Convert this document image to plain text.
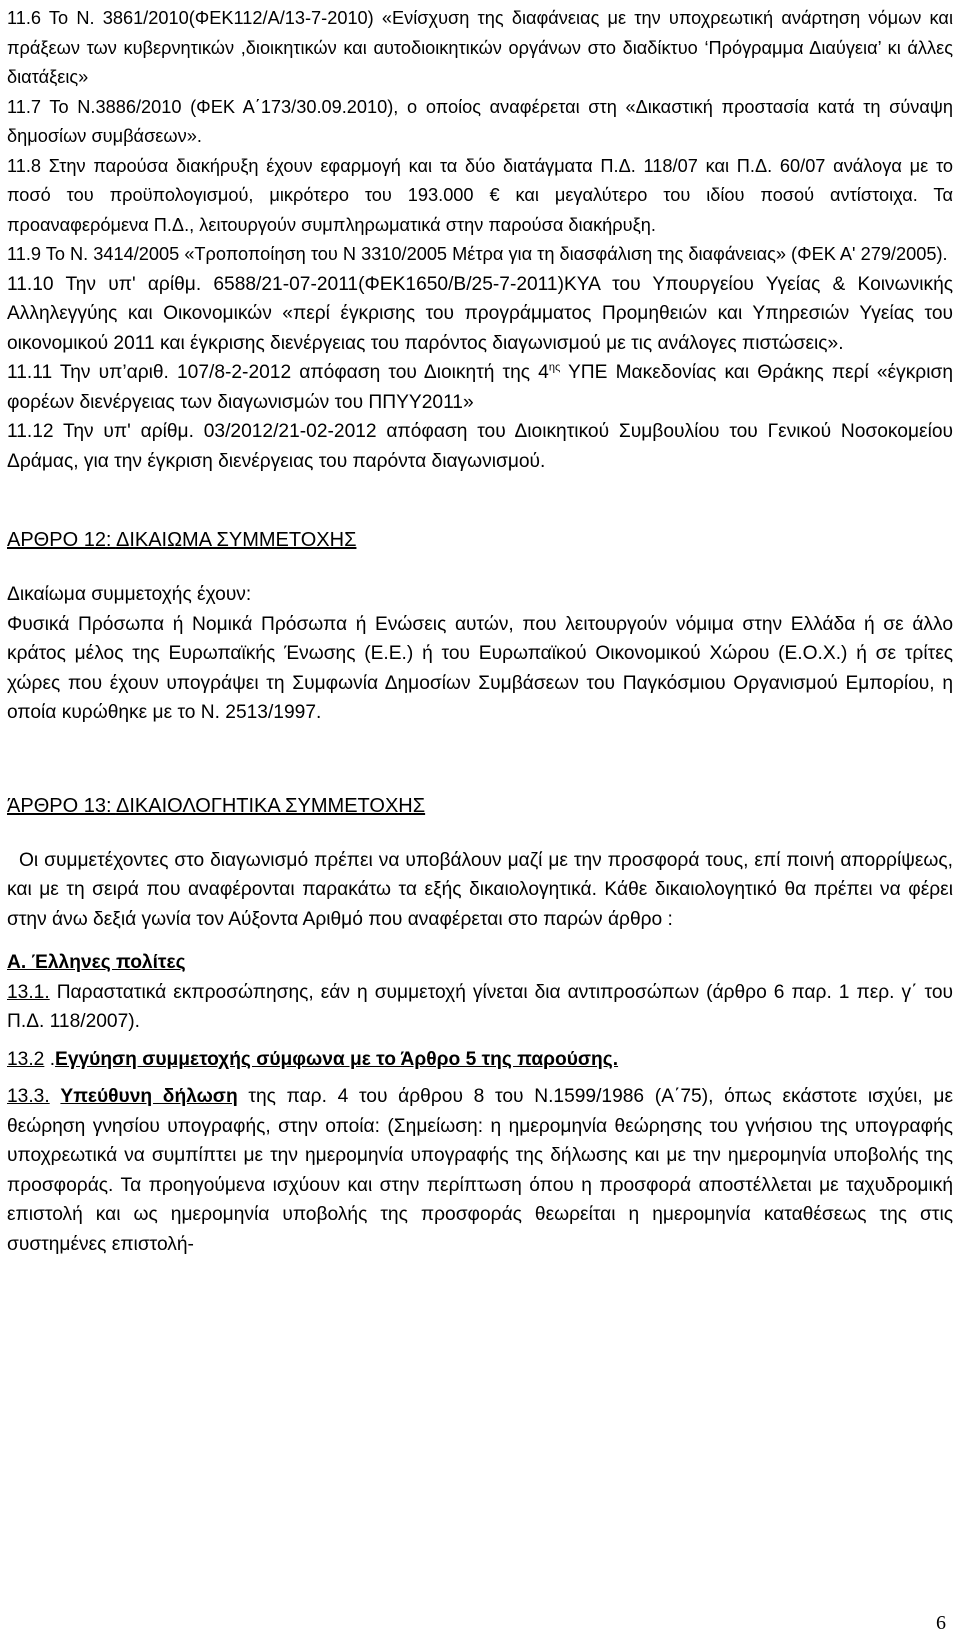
11.6 Το Ν. 3861/2010(ΦΕΚ112/Α/13-7-2010) «Ενίσχυση της διαφάνειας με την υποχρεωτική ανάρτηση νόμων και πράξεων των κυβερνητικών ,διοικητικών και αυτοδιοικητικών οργάνων στο διαδίκτυο ‘Πρόγραμμα Διαύγεια’ κι άλλες διατάξεις»

11.7 Το Ν.3886/2010 (ΦΕΚ Α΄173/30.09.2010), ο οποίος αναφέρεται στη «Δικαστική προστασία κατά τη σύναψη δημοσίων συμβάσεων».

11.8 Στην παρούσα διακήρυξη έχουν εφαρμογή και τα δύο διατάγματα Π.Δ. 118/07 και Π.Δ. 60/07 ανάλογα με το ποσό του προϋπολογισμού, μικρότερο του 193.000 € και μεγαλύτερο του ιδίου ποσού αντίστοιχα. Τα προαναφερόμενα Π.Δ., λειτουργούν συμπληρωματικά στην παρούσα διακήρυξη.

11.9 Το Ν. 3414/2005 «Τροποποίηση του Ν 3310/2005 Μέτρα για τη διασφάλιση της διαφάνειας» (ΦΕΚ Α' 279/2005).

11.10 Την υπ' αρίθμ. 6588/21-07-2011(ΦΕΚ1650/Β/25-7-2011)ΚΥΑ του Υπουργείου Υγείας & Κοινωνικής Αλληλεγγύης και Οικονομικών «περί έγκρισης του προγράμματος Προμηθειών και Υπηρεσιών Υγείας του οικονομικού 2011 και έγκρισης διενέργειας του παρόντος διαγωνισμού με τις ανάλογες πιστώσεις».

11.11 Την υπ’αριθ. 107/8-2-2012 απόφαση του Διοικητή της $4^{\eta\varsigma}$ ΥΠΕ Μακεδονίας και Θράκης περί «έγκριση φορέων διενέργειας των διαγωνισμών του ΠΠΥΥ2011»

11.12 Την υπ' αρίθμ. 03/2012/21-02-2012 απόφαση του Διοικητικού Συμβουλίου του Γενικού Νοσοκομείου Δράμας, για την έγκριση διενέργειας του παρόντα διαγωνισμού.

ΑΡΘΡΟ 12: ΔΙΚΑΙΩΜΑ ΣΥΜΜΕΤΟΧΗΣ

Δικαίωμα συμμετοχής έχουν:

Φυσικά Πρόσωπα ή Νομικά Πρόσωπα ή Ενώσεις αυτών, που λειτουργούν νόμιμα στην Ελλάδα ή σε άλλο κράτος μέλος της Ευρωπαϊκής Ένωσης (Ε.Ε.) ή του Ευρωπαϊκού Οικονομικού Χώρου (Ε.Ο.Χ.) ή σε τρίτες χώρες που έχουν υπογράψει τη Συμφωνία Δημοσίων Συμβάσεων του Παγκόσμιου Οργανισμού Εμπορίου, η οποία κυρώθηκε με το Ν. 2513/1997.

ΆΡΘΡΟ 13: ΔΙΚΑΙΟΛΟΓΗΤΙΚΑ ΣΥΜΜΕΤΟΧΗΣ

Οι συμμετέχοντες στο διαγωνισμό πρέπει να υποβάλουν μαζί με την προσφορά τους, επί ποινή απορρίψεως, και με τη σειρά που αναφέρονται παρακάτω τα εξής δικαιολογητικά. Κάθε δικαιολογητικό θα πρέπει να φέρει στην άνω δεξιά γωνία τον Αύξοντα Αριθμό που αναφέρεται στο παρών άρθρο :

Α. Έλληνες πολίτες

13.1. Παραστατικά εκπροσώπησης, εάν η συμμετοχή γίνεται δια αντιπροσώπων (άρθρο 6 παρ. 1 περ. γ΄ του Π.Δ. 118/2007).

13.2 .Εγγύηση συμμετοχής σύμφωνα με το Άρθρο 5 της παρούσης.

13.3. Υπεύθυνη δήλωση της παρ. 4 του άρθρου 8 του Ν.1599/1986 (Α΄75), όπως εκάστοτε ισχύει, με θεώρηση γνησίου υπογραφής, στην οποία: (Σημείωση: η ημερομηνία θεώρησης του γνήσιου της υπογραφής υποχρεωτικά να συμπίπτει με την ημερομηνία υπογραφής της δήλωσης και με την ημερομηνία υποβολής της προσφοράς. Τα προηγούμενα ισχύουν και στην περίπτωση όπου η προσφορά αποστέλλεται με ταχυδρομική επιστολή και ως ημερομηνία υποβολής της προσφοράς θεωρείται η ημερομηνία καταθέσεως της στις συστημένες επιστολή-

6
